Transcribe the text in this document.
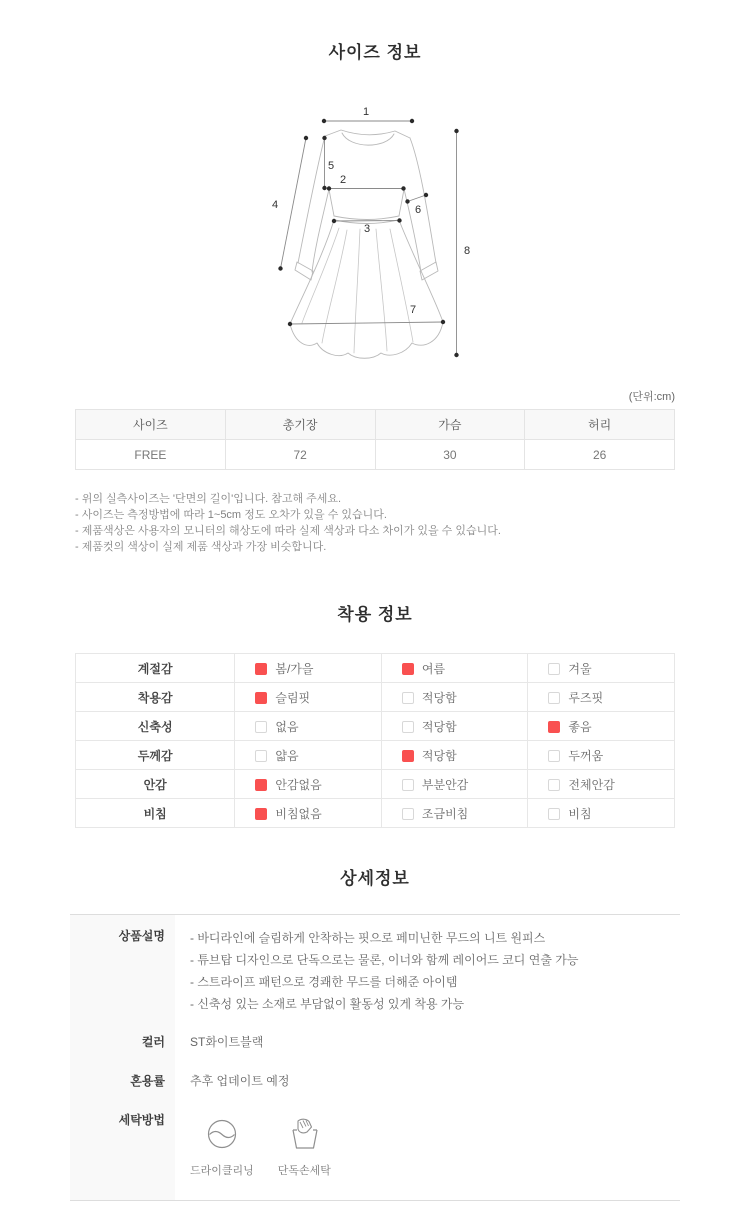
사이즈 정보
1
2
3
4
5
6
7
8
(단위:cm)
사이즈	총기장	가슴	허리
FREE	72	30	26
- 위의 실측사이즈는 '단면의 길이'입니다. 참고해 주세요.
- 사이즈는 측정방법에 따라 1~5cm 정도 오차가 있을 수 있습니다.
- 제품색상은 사용자의 모니터의 해상도에 따라 실제 색상과 다소 차이가 있을 수 있습니다.
- 제품컷의 색상이 실제 제품 색상과 가장 비슷합니다.
착용 정보
계절감	봄/가을	여름	겨울
착용감	슬림핏	적당함	루즈핏
신축성	없음	적당함	좋음
두께감	얇음	적당함	두꺼움
안감	안감없음	부분안감	전체안감
비침	비침없음	조금비침	비침
상세정보
상품설명	- 바디라인에 슬림하게 안착하는 핏으로 페미닌한 무드의 니트 원피스

- 튜브탑 디자인으로 단독으로는 물론, 이너와 함께 레이어드 코디 연출 가능

- 스트라이프 패턴으로 경쾌한 무드를 더해준 아이템

- 신축성 있는 소재로 부담없이 활동성 있게 착용 가능

컬러	ST화이트블랙
혼용률	추후 업데이트 예정
세탁방법
드라이클리닝 단독손세탁
